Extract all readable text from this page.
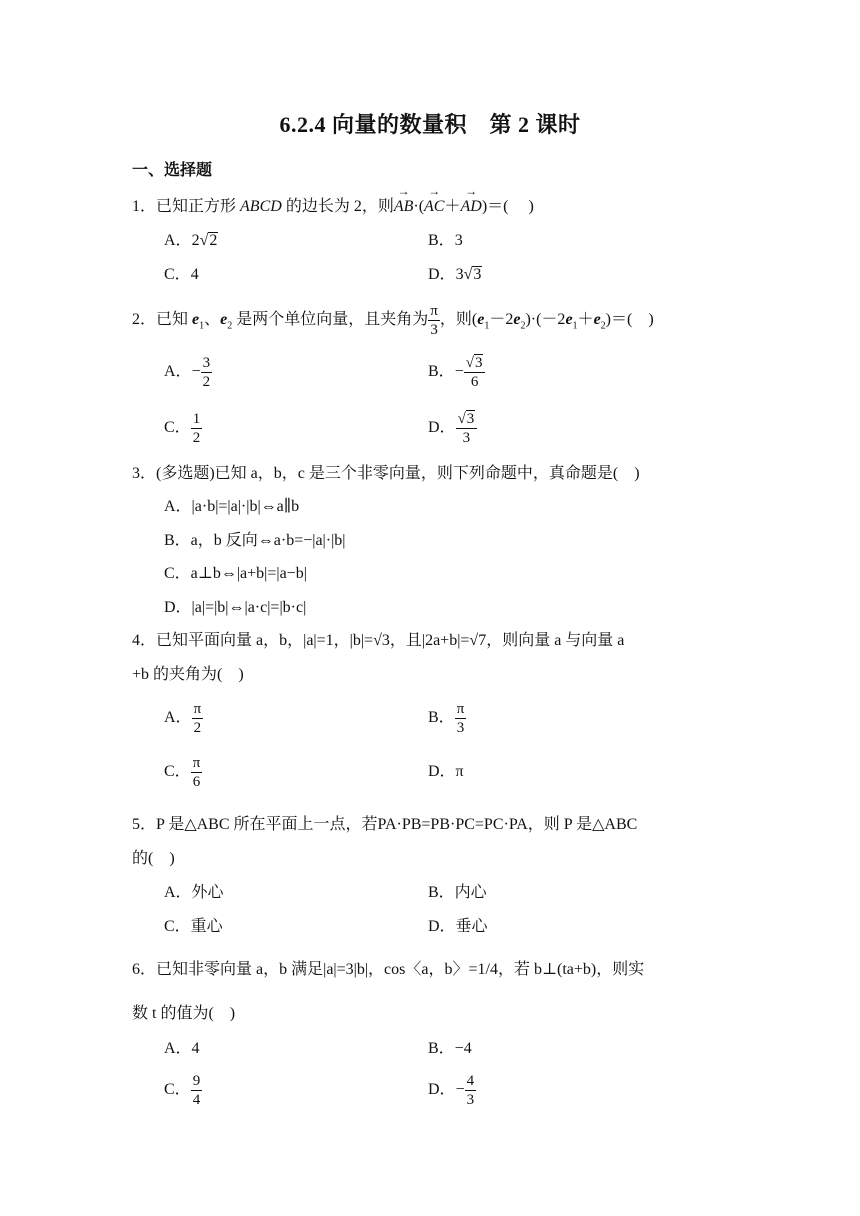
6.2.4 向量的数量积　第 2 课时
一、选择题
1．已知正方形 ABCD 的边长为 2，则→ AB·(→ AC＋→ AD)＝(　 )
A．2√2	B．3
C．4	D．3√3
2．已知 $e_1$、$e_2$ 是两个单位向量，且夹角为 $\frac{\pi}{3}$ ，则$(e_1-2e_2)\cdot(-2e_1+e_2)=$(　)
A．− $\frac{3}{2}$	B．− $\frac{√3}{6}$
C． $\frac{1}{2}$	D． $\frac{√3}{3}$
3．(多选题)已知 a，b，c 是三个非零向量，则下列命题中，真命题是(　)
A．|a·b|=|a|·|b|⇔a∥b
B．a，b 反向⇔a·b=−|a|·|b|
C．a⊥b⇔|a+b|=|a−b|
D．|a|=|b|⇔|a·c|=|b·c|
4．已知平面向量 a，b，|a|=1，|b|=√3，且|2a+b|=√7，则向量 a 与向量 a
+b 的夹角为(　)
A． $\frac{\pi}{2}$	B． $\frac{\pi}{3}$
C． $\frac{\pi}{6}$	D．π
5．P 是△ABC 所在平面上一点，若PA·PB=PB·PC=PC·PA，则 P 是△ABC
的(　)
A．外心	B．内心
C．重心	D．垂心
6．已知非零向量 a，b 满足|a|=3|b|，cos〈a，b〉=1/4，若 b⊥(ta+b)，则实
数 t 的值为(　)
A．4	B．−4
C． $\frac{9}{4}$	D．− $\frac{4}{3}$
